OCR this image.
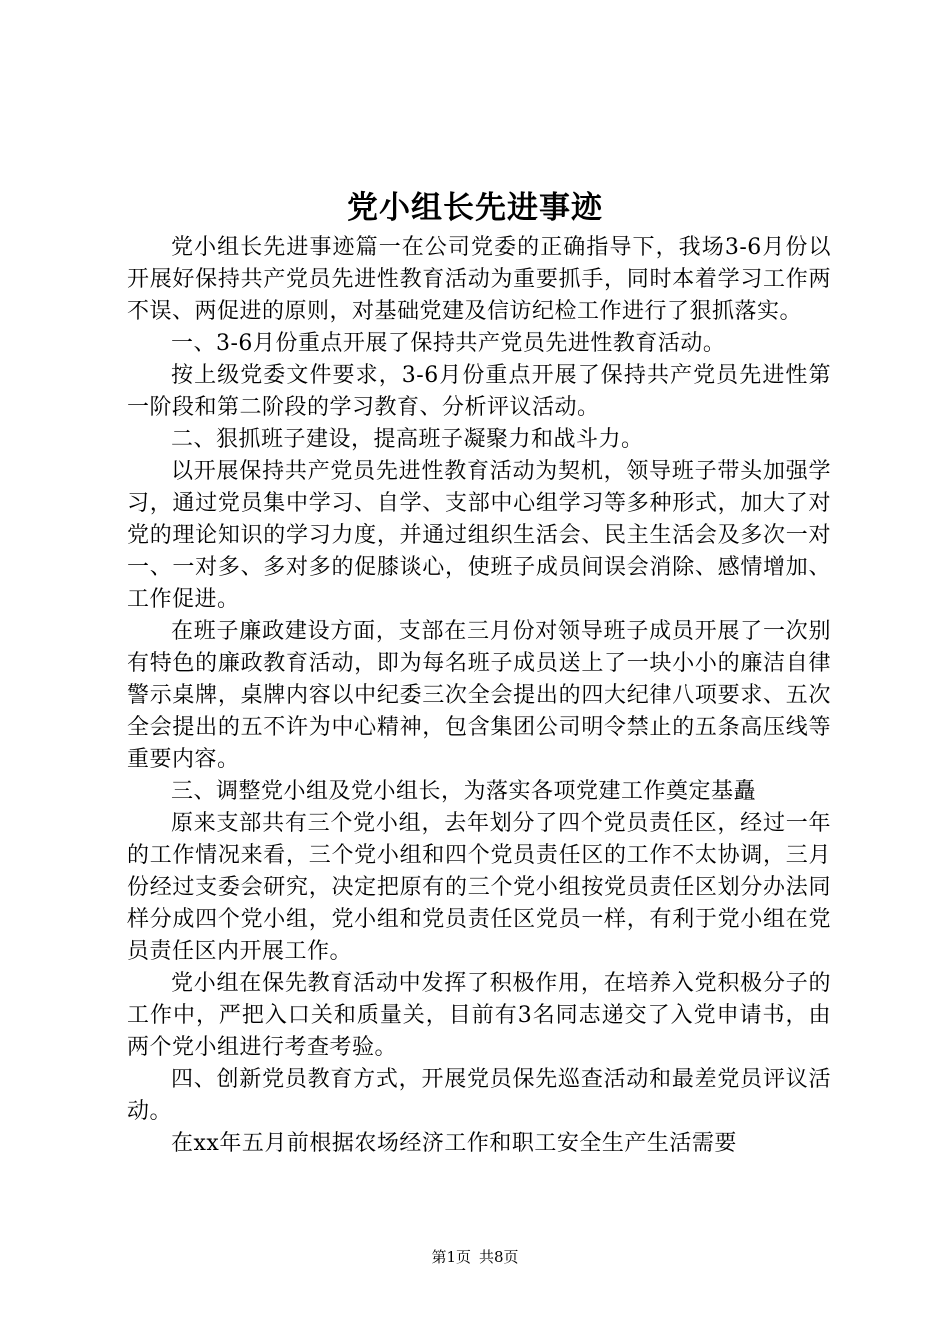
党小组长先进事迹

党小组长先进事迹篇一在公司党委的正确指导下，我场3-6月份以开展好保持共产党员先进性教育活动为重要抓手，同时本着学习工作两不误、两促进的原则，对基础党建及信访纪检工作进行了狠抓落实。

一、3-6月份重点开展了保持共产党员先进性教育活动。

按上级党委文件要求，3-6月份重点开展了保持共产党员先进性第一阶段和第二阶段的学习教育、分析评议活动。

二、狠抓班子建设，提高班子凝聚力和战斗力。

以开展保持共产党员先进性教育活动为契机，领导班子带头加强学习，通过党员集中学习、自学、支部中心组学习等多种形式，加大了对党的理论知识的学习力度，并通过组织生活会、民主生活会及多次一对一、一对多、多对多的促膝谈心，使班子成员间误会消除、感情增加、工作促进。

在班子廉政建设方面，支部在三月份对领导班子成员开展了一次别有特色的廉政教育活动，即为每名班子成员送上了一块小小的廉洁自律警示桌牌，桌牌内容以中纪委三次全会提出的四大纪律八项要求、五次全会提出的五不许为中心精神，包含集团公司明令禁止的五条高压线等重要内容。

三、调整党小组及党小组长，为落实各项党建工作奠定基矗

原来支部共有三个党小组，去年划分了四个党员责任区，经过一年的工作情况来看，三个党小组和四个党员责任区的工作不太协调，三月份经过支委会研究，决定把原有的三个党小组按党员责任区划分办法同样分成四个党小组，党小组和党员责任区党员一样，有利于党小组在党员责任区内开展工作。

党小组在保先教育活动中发挥了积极作用，在培养入党积极分子的工作中，严把入口关和质量关，目前有3名同志递交了入党申请书，由两个党小组进行考查考验。

四、创新党员教育方式，开展党员保先巡查活动和最差党员评议活动。

在xx年五月前根据农场经济工作和职工安全生产生活需要

第1页 共8页
